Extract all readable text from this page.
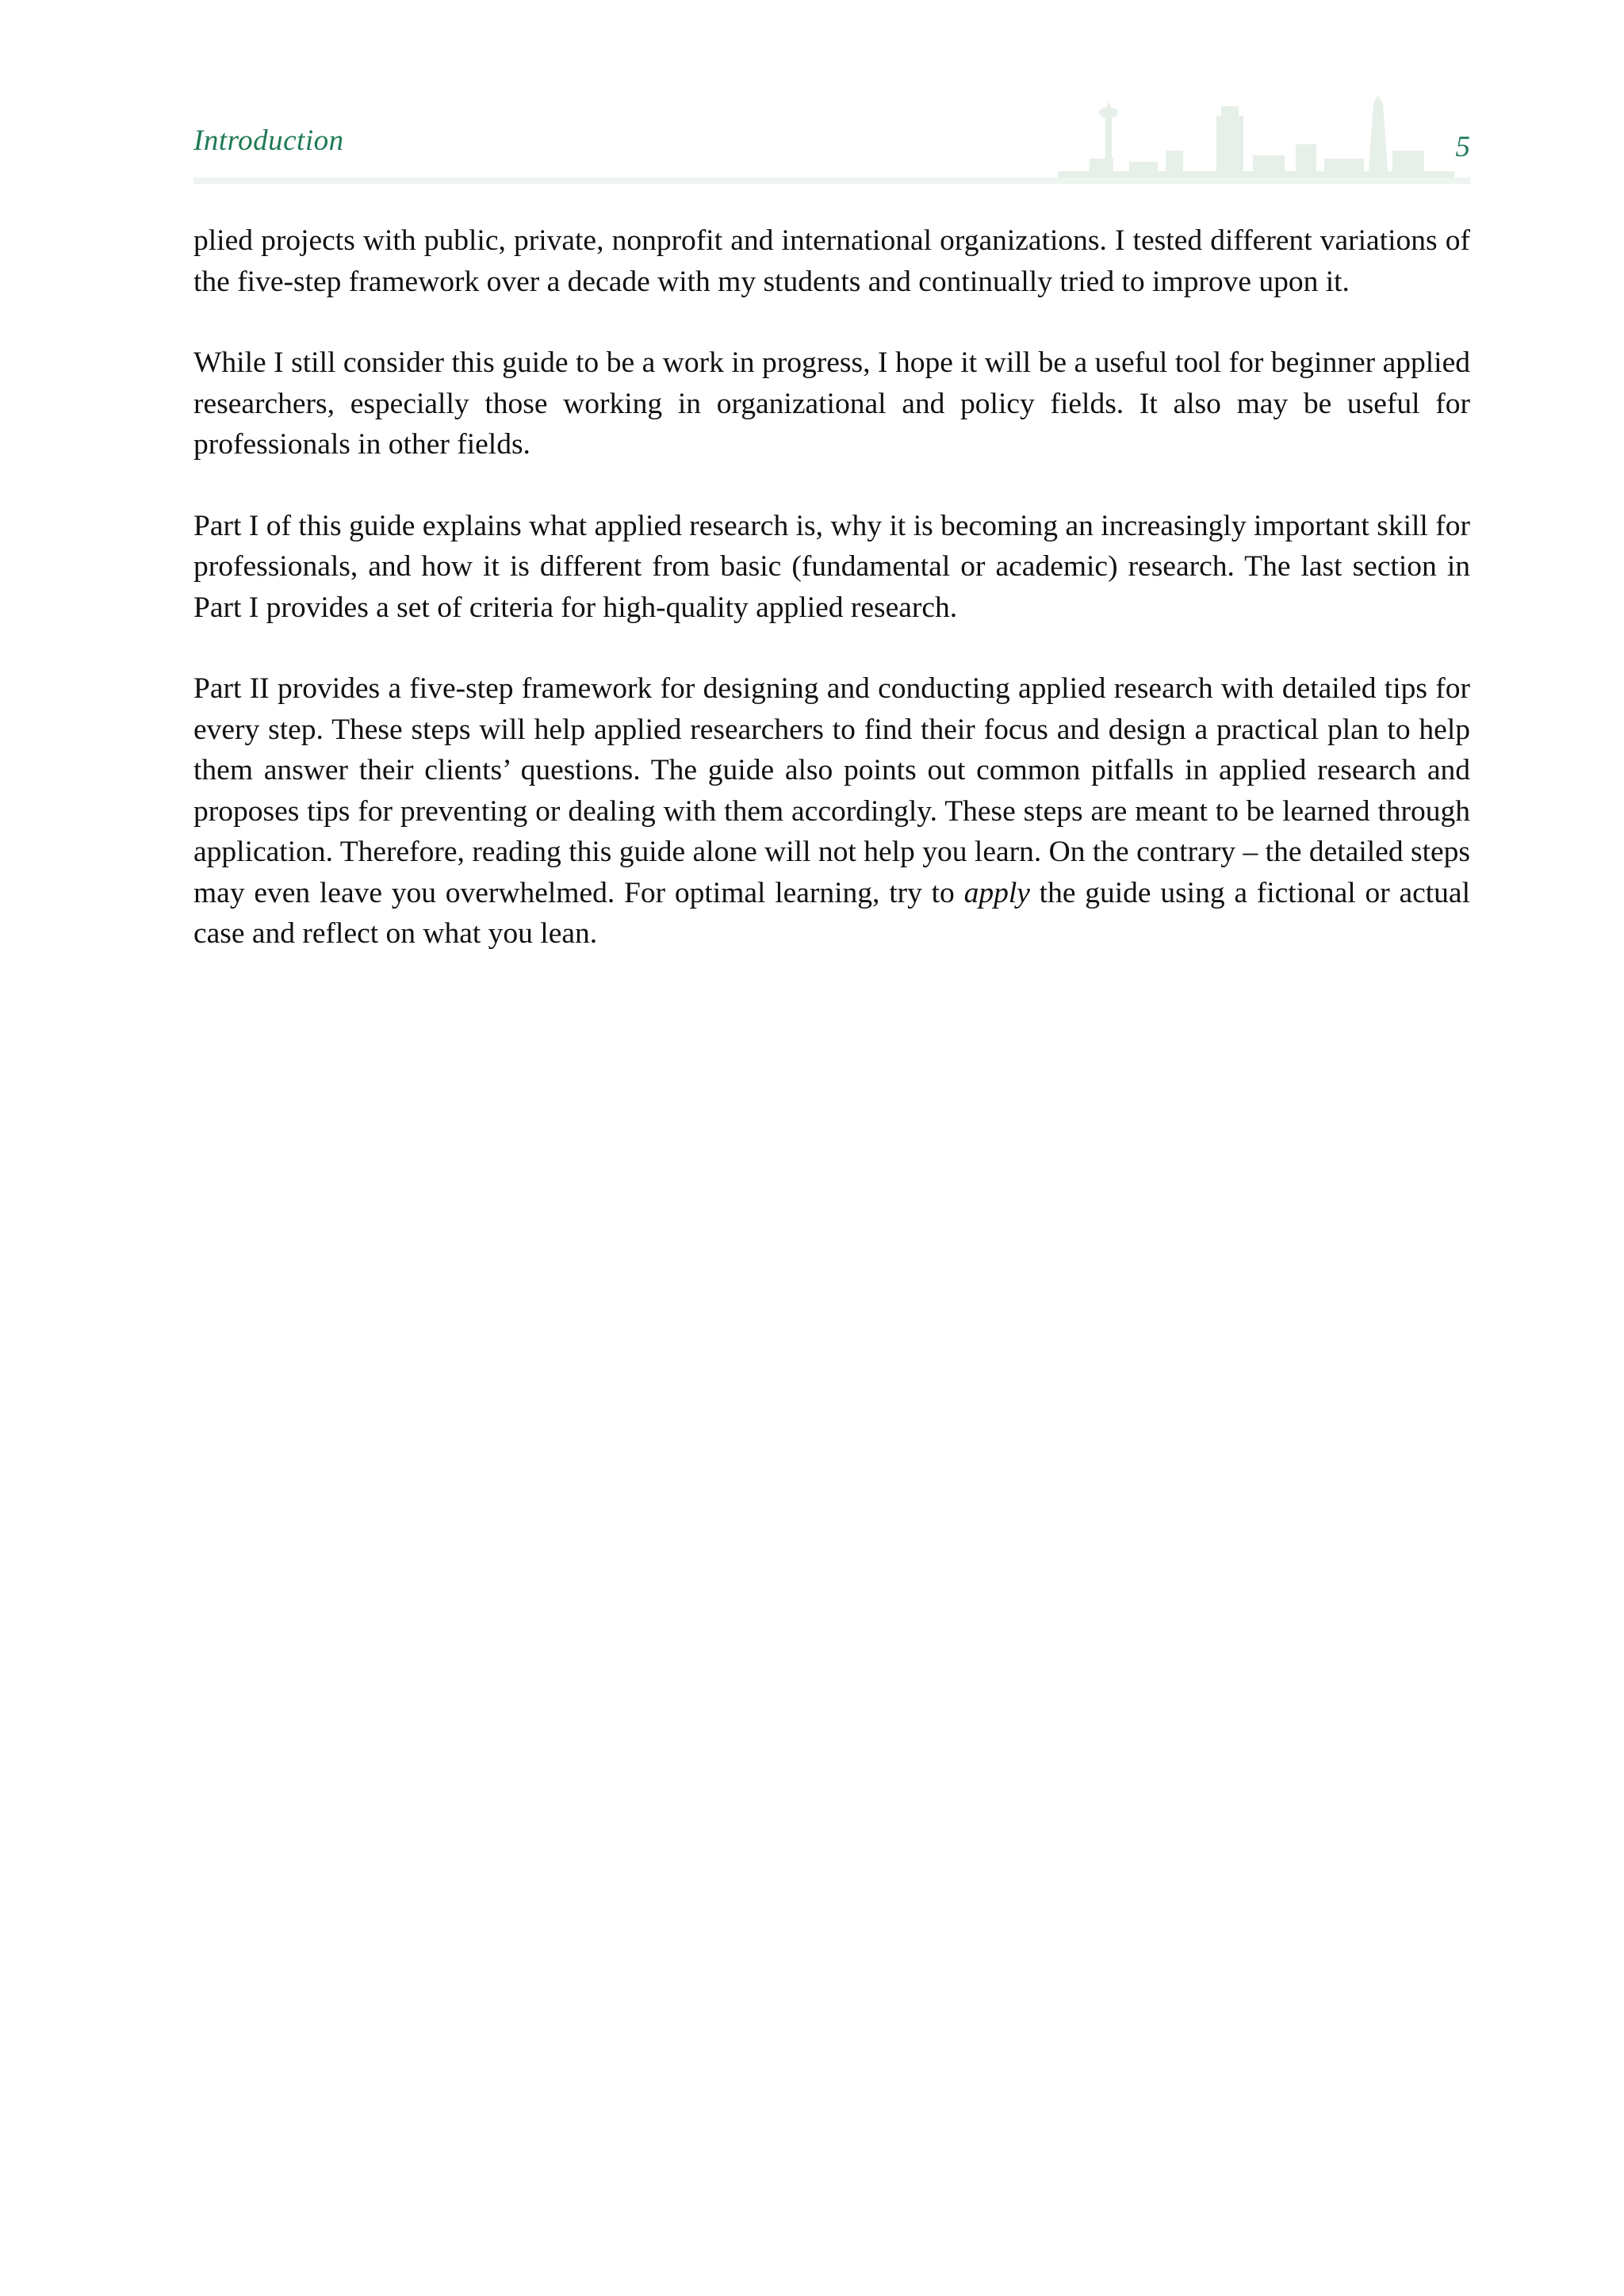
Introduction	5

plied projects with public, private, nonprofit and international organizations. I tested different variations of the five-step framework over a decade with my students and continually tried to improve upon it.

While I still consider this guide to be a work in progress, I hope it will be a useful tool for beginner applied researchers, especially those working in organizational and policy fields. It also may be useful for professionals in other fields.

Part I of this guide explains what applied research is, why it is becoming an increasingly important skill for professionals, and how it is different from basic (fundamental or academic) research. The last section in Part I provides a set of criteria for high-quality applied research.

Part II provides a five-step framework for designing and conducting applied research with detailed tips for every step. These steps will help applied researchers to find their focus and design a practical plan to help them answer their clients’ questions. The guide also points out common pitfalls in applied research and proposes tips for preventing or dealing with them accordingly. These steps are meant to be learned through application. Therefore, reading this guide alone will not help you learn. On the contrary – the detailed steps may even leave you overwhelmed. For optimal learning, try to apply the guide using a fictional or actual case and reflect on what you lean.
